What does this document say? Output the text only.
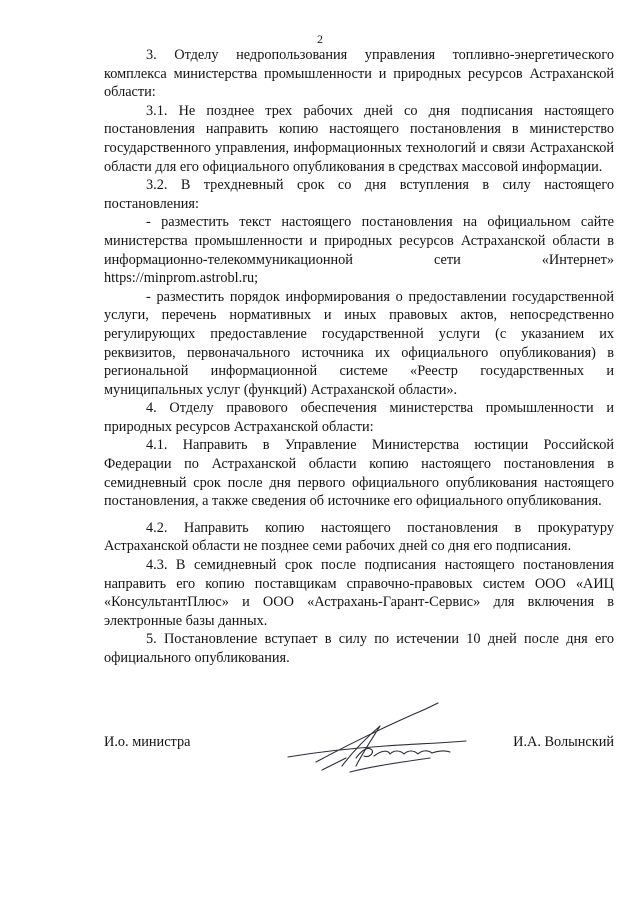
2

3. Отделу недропользования управления топливно-энергетического комплекса министерства промышленности и природных ресурсов Астраханской области:

3.1. Не позднее трех рабочих дней со дня подписания настоящего постановления направить копию настоящего постановления в министерство государственного управления, информационных технологий и связи Астраханской области для его официального опубликования в средствах массовой информации.

3.2. В трехдневный срок со дня вступления в силу настоящего постановления:

- разместить текст настоящего постановления на официальном сайте министерства промышленности и природных ресурсов Астраханской области в информационно-телекоммуникационной сети «Интернет» https://minprom.astrobl.ru;

- разместить порядок информирования о предоставлении государственной услуги, перечень нормативных и иных правовых актов, непосредственно регулирующих предоставление государственной услуги (с указанием их реквизитов, первоначального источника их официального опубликования) в региональной информационной системе «Реестр государственных и муниципальных услуг (функций) Астраханской области».

4. Отделу правового обеспечения министерства промышленности и природных ресурсов Астраханской области:

4.1. Направить в Управление Министерства юстиции Российской Федерации по Астраханской области копию настоящего постановления в семидневный срок после дня первого официального опубликования настоящего постановления, а также сведения об источнике его официального опубликования.

4.2. Направить копию настоящего постановления в прокуратуру Астраханской области не позднее семи рабочих дней со дня его подписания.

4.3. В семидневный срок после подписания настоящего постановления направить его копию поставщикам справочно-правовых систем ООО «АИЦ «КонсультантПлюс» и ООО «Астрахань-Гарант-Сервис» для включения в электронные базы данных.

5. Постановление вступает в силу по истечении 10 дней после дня его официального опубликования.

И.о. министра	И.А. Волынский
